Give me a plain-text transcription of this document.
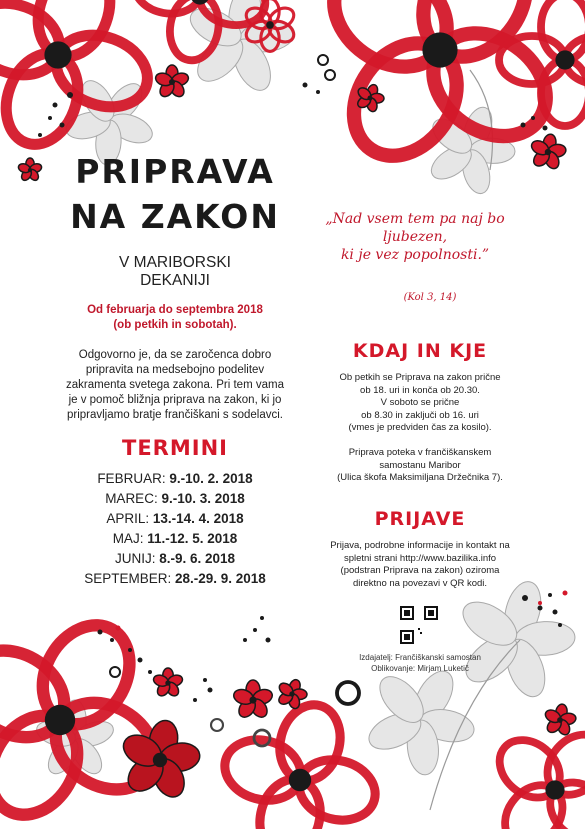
PRIPRAVA
NA ZAKON
V MARIBORSKI
DEKANIJI
Od februarja do septembra 2018
(ob petkih in sobotah).
Odgovorno je, da se zaročenca dobro
pripravita na medsebojno podelitev
zakramenta svetega zakona. Pri tem vama
je v pomoč bližnja priprava na zakon, ki jo
pripravljamo bratje frančiškani s sodelavci.
TERMINI
FEBRUAR: 9.-10. 2. 2018
MAREC: 9.-10. 3. 2018
APRIL: 13.-14. 4. 2018
MAJ: 11.-12. 5. 2018
JUNIJ: 8.-9. 6. 2018
SEPTEMBER: 28.-29. 9. 2018
„Nad vsem tem pa naj bo
ljubezen,
ki je vez popolnosti.”
(Kol 3, 14)
KDAJ IN KJE
Ob petkih se Priprava na zakon prične
ob 18. uri in konča ob 20.30.
V soboto se prične
ob 8.30 in zaključi ob 16. uri
(vmes je predviden čas za kosilo).
Priprava poteka v frančiškanskem
samostanu Maribor
(Ulica škofa Maksimiljana Držečnika 7).
PRIJAVE
Prijava, podrobne informacije in kontakt na
spletni strani http://www.bazilika.info
(podstran Priprava na zakon) oziroma
direktno na povezavi v QR kodi.
Izdajatelj: Frančiškanski samostan
Oblikovanje: Mirjam Luketič
